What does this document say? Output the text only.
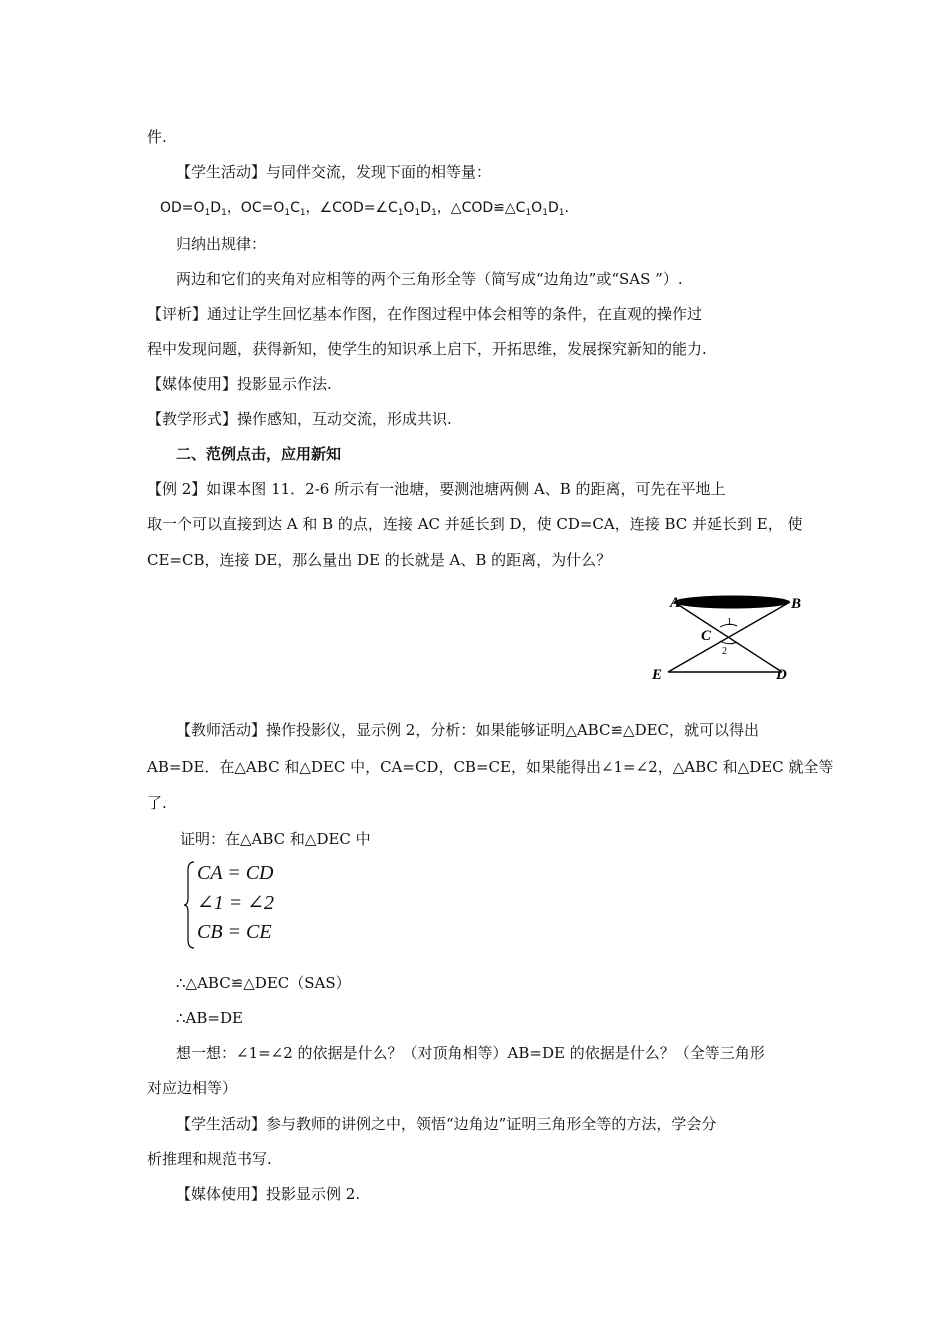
件.
【学生活动】与同伴交流，发现下面的相等量：
$OD=O_1D_1$，$OC=O_1C_1$，$\angle COD=\angle C_1O_1D_1$，$\triangle COD≌\triangle C_1O_1D_1$.
归纳出规律：
两边和它们的夹角对应相等的两个三角形全等（简写成“边角边”或“SAS ”）.
【评析】通过让学生回忆基本作图，在作图过程中体会相等的条件，在直观的操作过
程中发现问题，获得新知，使学生的知识承上启下，开拓思维，发展探究新知的能力.
【媒体使用】投影显示作法.
【教学形式】操作感知，互动交流，形成共识.
二、范例点击，应用新知
【例 2】如课本图 11．2-6 所示有一池塘，要测池塘两侧 A、B 的距离，可先在平地上
取一个可以直接到达 A 和 B 的点，连接 AC 并延长到 D，使 CD=CA，连接 BC 并延长到 E， 使
CE=CB，连接 DE，那么量出 DE 的长就是 A、B 的距离，为什么？
A	B
C
D
E
1
2
【教师活动】操作投影仪，显示例 2，分析：如果能够证明△ABC≌△DEC，就可以得出
AB=DE．在△ABC 和△DEC 中，CA=CD，CB=CE，如果能得出∠1=∠2，△ABC 和△DEC 就全等
了.
证明：在△ABC 和△DEC 中
CA = CD
∠1 = ∠2
CB = CE
∴△ABC≌△DEC（SAS）
∴AB=DE
想一想：∠1=∠2 的依据是什么？（对顶角相等）AB=DE 的依据是什么？（全等三角形
对应边相等）
【学生活动】参与教师的讲例之中，领悟“边角边”证明三角形全等的方法，学会分
析推理和规范书写.
【媒体使用】投影显示例 2.
